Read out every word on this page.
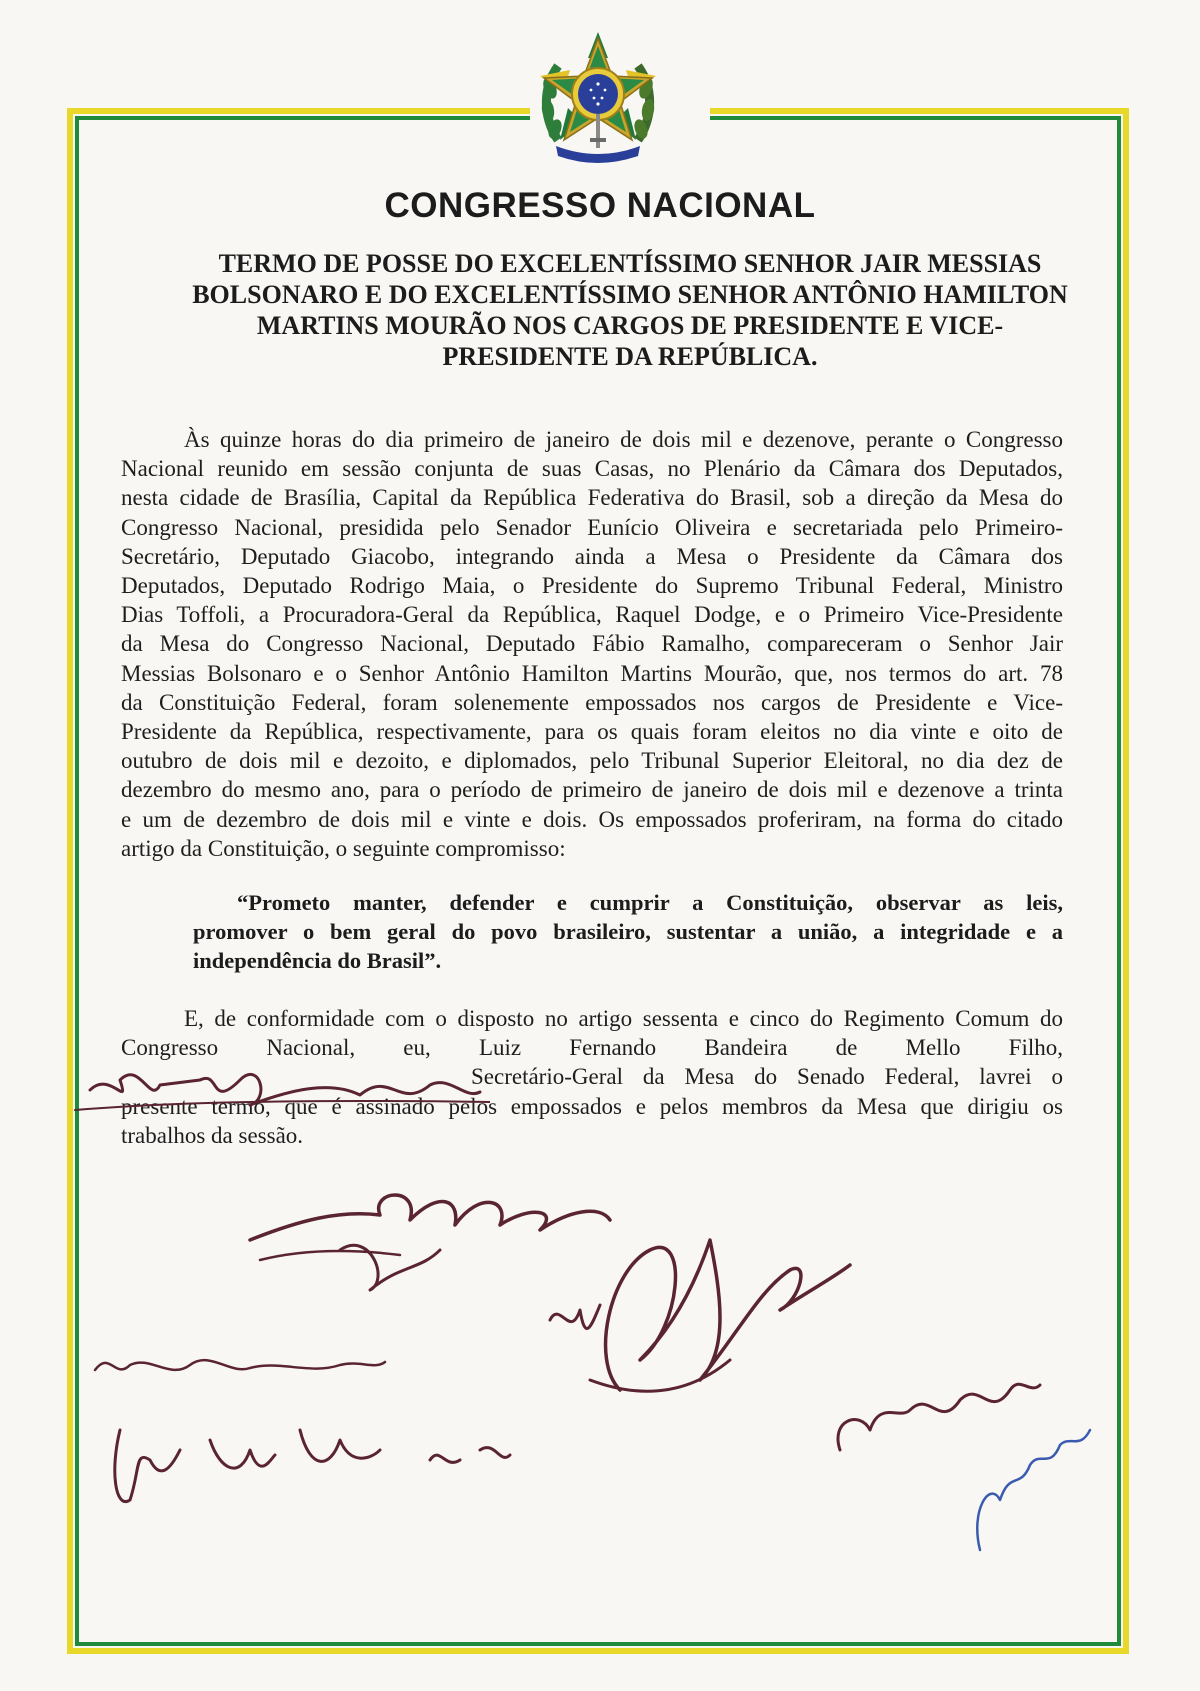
CONGRESSO NACIONAL
TERMO DE POSSE DO EXCELENTÍSSIMO SENHOR JAIR MESSIAS
BOLSONARO E DO EXCELENTÍSSIMO SENHOR ANTÔNIO HAMILTON
MARTINS MOURÃO NOS CARGOS DE PRESIDENTE E VICE-
PRESIDENTE DA REPÚBLICA.
Às quinze horas do dia primeiro de janeiro de dois mil e dezenove, perante o Congresso
Nacional reunido em sessão conjunta de suas Casas, no Plenário da Câmara dos Deputados,
nesta cidade de Brasília, Capital da República Federativa do Brasil, sob a direção da Mesa do
Congresso Nacional, presidida pelo Senador Eunício Oliveira e secretariada pelo Primeiro-
Secretário, Deputado Giacobo, integrando ainda a Mesa o Presidente da Câmara dos
Deputados, Deputado Rodrigo Maia, o Presidente do Supremo Tribunal Federal, Ministro
Dias Toffoli, a Procuradora-Geral da República, Raquel Dodge, e o Primeiro Vice-Presidente
da Mesa do Congresso Nacional, Deputado Fábio Ramalho, compareceram o Senhor Jair
Messias Bolsonaro e o Senhor Antônio Hamilton Martins Mourão, que, nos termos do art. 78
da Constituição Federal, foram solenemente empossados nos cargos de Presidente e Vice-
Presidente da República, respectivamente, para os quais foram eleitos no dia vinte e oito de
outubro de dois mil e dezoito, e diplomados, pelo Tribunal Superior Eleitoral, no dia dez de
dezembro do mesmo ano, para o período de primeiro de janeiro de dois mil e dezenove a trinta
e um de dezembro de dois mil e vinte e dois. Os empossados proferiram, na forma do citado
artigo da Constituição, o seguinte compromisso:
“Prometo manter, defender e cumprir a Constituição, observar as leis,
promover o bem geral do povo brasileiro, sustentar a união, a integridade e a
independência do Brasil”.
E, de conformidade com o disposto no artigo sessenta e cinco do Regimento Comum do
Congresso Nacional, eu, Luiz Fernando Bandeira de Mello Filho,
Secretário-Geral da Mesa do Senado Federal, lavrei o
presente termo, que é assinado pelos empossados e pelos membros da Mesa que dirigiu os
trabalhos da sessão.
